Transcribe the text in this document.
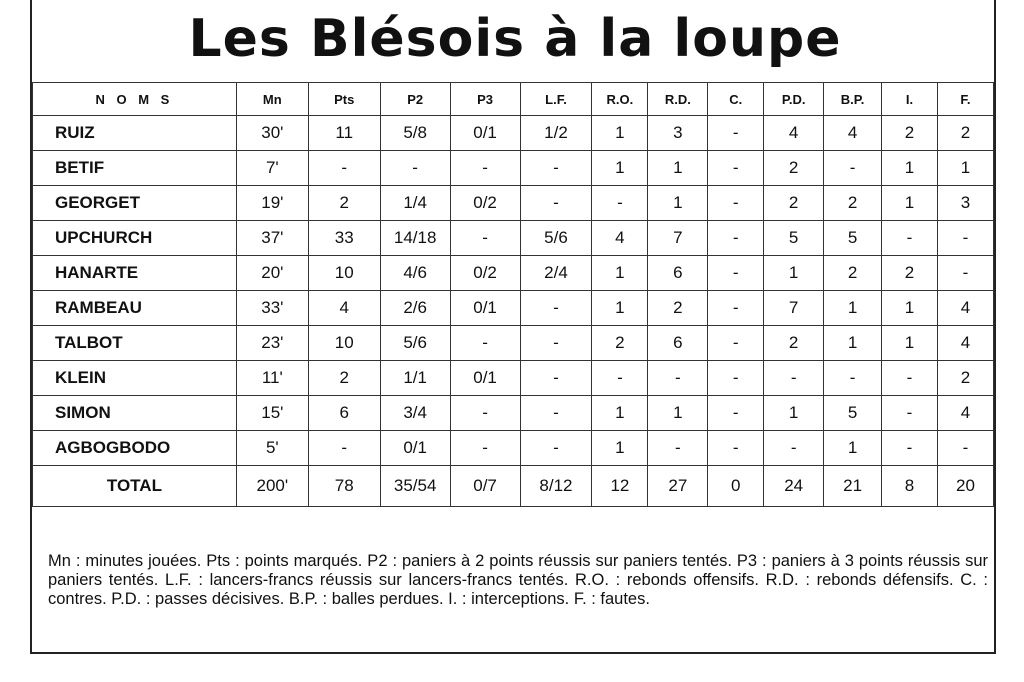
Les Blésois à la loupe
N O M S	Mn	Pts	P2	P3	L.F.	R.O.	R.D.	C.	P.D.	B.P.	I.	F.
RUIZ	30'	11	5/8	0/1	1/2	1	3	-	4	4	2	2
BETIF	7'	-	-	-	-	1	1	-	2	-	1	1
GEORGET	19'	2	1/4	0/2	-	-	1	-	2	2	1	3
UPCHURCH	37'	33	14/18	-	5/6	4	7	-	5	5	-	-
HANARTE	20'	10	4/6	0/2	2/4	1	6	-	1	2	2	-
RAMBEAU	33'	4	2/6	0/1	-	1	2	-	7	1	1	4
TALBOT	23'	10	5/6	-	-	2	6	-	2	1	1	4
KLEIN	11'	2	1/1	0/1	-	-	-	-	-	-	-	2
SIMON	15'	6	3/4	-	-	1	1	-	1	5	-	4
AGBOGBODO	5'	-	0/1	-	-	1	-	-	-	1	-	-
TOTAL	200'	78	35/54	0/7	8/12	12	27	0	24	21	8	20
Mn : minutes jouées. Pts : points marqués. P2 : paniers à 2 points réussis sur paniers tentés. P3 : paniers à 3 points réussis sur paniers tentés. L.F. : lancers-francs réussis sur lancers-francs tentés. R.O. : rebonds offensifs. R.D. : rebonds défensifs. C. : contres. P.D. : passes décisives. B.P. : balles perdues. I. : interceptions. F. : fautes.
